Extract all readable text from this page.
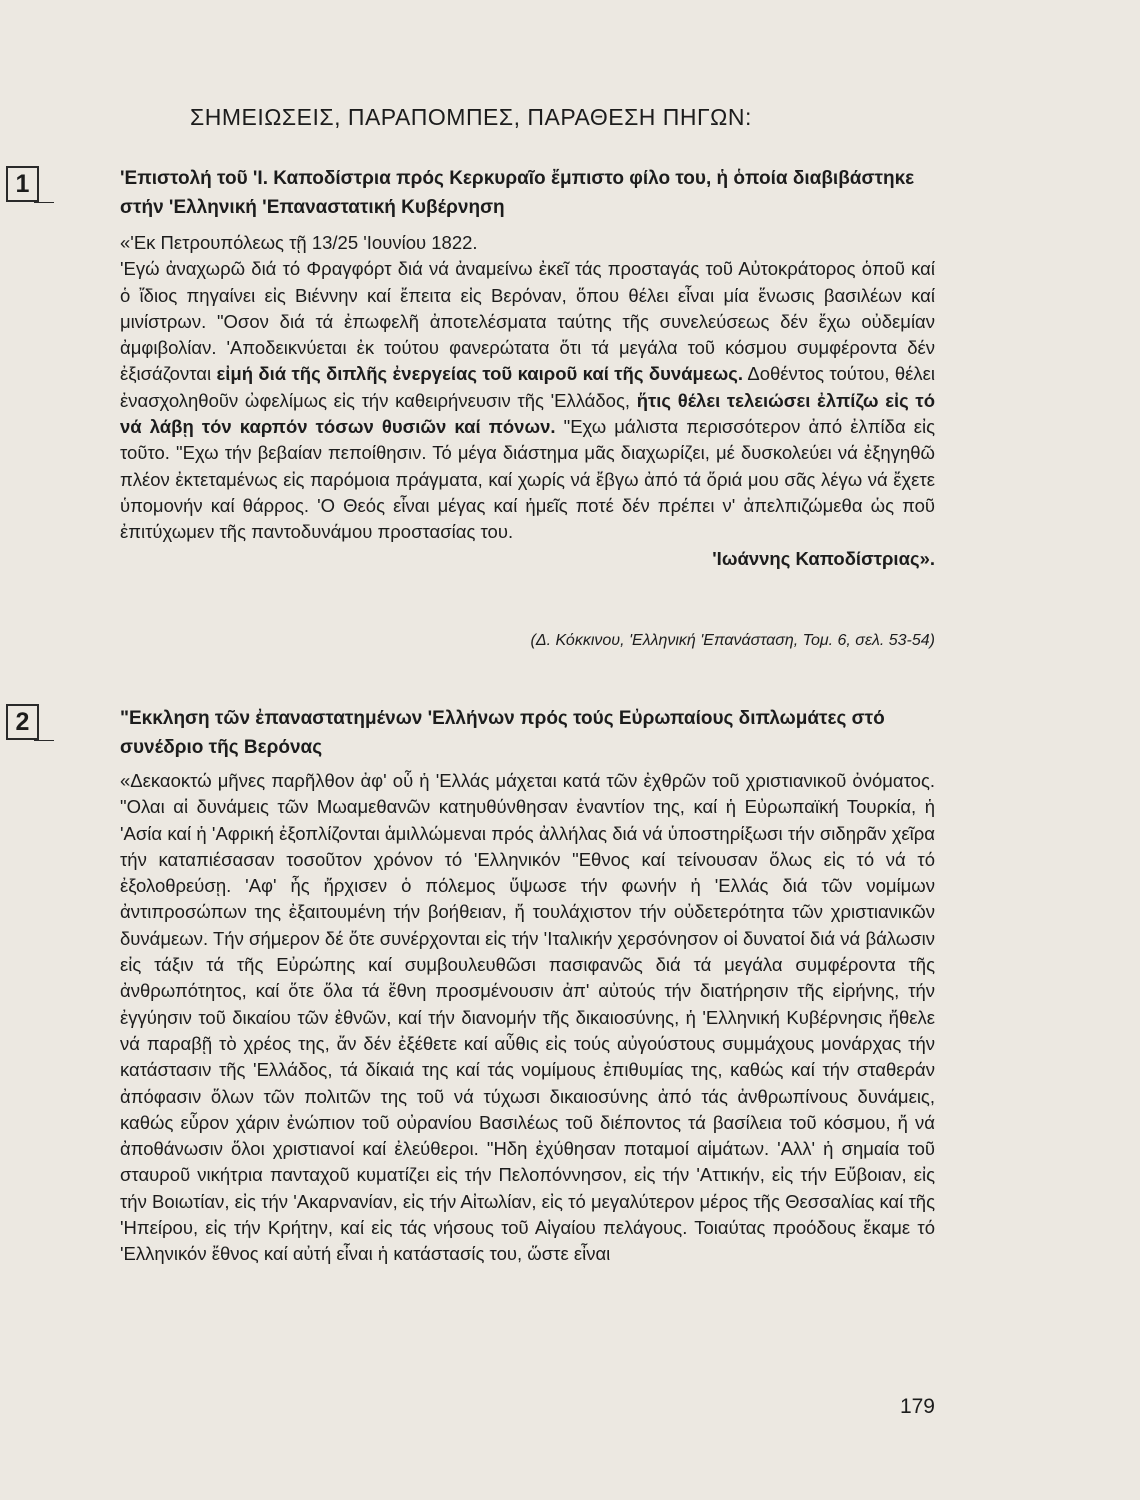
ΣΗΜΕΙΩΣΕΙΣ, ΠΑΡΑΠΟΜΠΕΣ, ΠΑΡΑΘΕΣΗ ΠΗΓΩΝ:
1	'Επιστολή τοῦ 'Ι. Καποδίστρια πρός Κερκυραῖο ἔμπιστο φίλο του, ἡ ὁποία διαβιβάστηκε στήν 'Ελληνική 'Επαναστατική Κυβέρνηση

«'Εκ Πετρουπόλεως τῇ 13/25 'Ιουνίου 1822.

'Εγώ ἀναχωρῶ διά τό Φραγφόρτ διά νά ἀναμείνω ἐκεῖ τάς προσταγάς τοῦ Αὐτοκράτορος ὁποῦ καί ὁ ἴδιος πηγαίνει εἰς Βιέννην καί ἔπειτα εἰς Βερόναν, ὅπου θέλει εἶναι μία ἕνωσις βασιλέων καί μινίστρων. "Οσον διά τά ἐπωφελῆ ἀποτελέσματα ταύτης τῆς συνελεύσεως δέν ἔχω οὐδεμίαν ἀμφιβολίαν. 'Αποδεικνύεται ἐκ τούτου φανερώτατα ὅτι τά μεγάλα τοῦ κόσμου συμφέροντα δέν ἐξισάζονται εἰμή διά τῆς διπλῆς ἐνεργείας τοῦ καιροῦ καί τῆς δυνάμεως. Δοθέντος τούτου, θέλει ἐνασχοληθοῦν ὠφελίμως εἰς τήν καθειρήνευσιν τῆς 'Ελλάδος, ἥτις θέλει τελειώσει ἐλπίζω εἰς τό νά λάβῃ τόν καρπόν τόσων θυσιῶν καί πόνων. "Εχω μάλιστα περισσότερον ἀπό ἐλπίδα εἰς τοῦτο. "Εχω τήν βεβαίαν πεποίθησιν. Τό μέγα διάστημα μᾶς διαχωρίζει, μέ δυσκολεύει νά ἐξηγηθῶ πλέον ἐκτεταμένως εἰς παρόμοια πράγματα, καί χωρίς νά ἔβγω ἀπό τά ὅριά μου σᾶς λέγω νά ἔχετε ὑπομονήν καί θάρρος. 'Ο Θεός εἶναι μέγας καί ἡμεῖς ποτέ δέν πρέπει ν' ἀπελπιζώμεθα ὡς ποῦ ἐπιτύχωμεν τῆς παντοδυνάμου προστασίας του.

'Ιωάννης Καποδίστριας».

(Δ. Κόκκινου, 'Ελληνική 'Επανάσταση, Τομ. 6, σελ. 53-54)

2	"Εκκληση τῶν ἐπαναστατημένων 'Ελλήνων πρός τούς Εὐρωπαίους διπλωμάτες στό συνέδριο τῆς Βερόνας

«Δεκαοκτώ μῆνες παρῆλθον ἀφ' οὗ ἡ 'Ελλάς μάχεται κατά τῶν ἐχθρῶν τοῦ χριστιανικοῦ ὀνόματος. "Ολαι αἱ δυνάμεις τῶν Μωαμεθανῶν κατηυθύνθησαν ἐναντίον της, καί ἡ Εὐρωπαϊκή Τουρκία, ἡ 'Ασία καί ἡ 'Αφρική ἐξοπλίζονται ἁμιλλώμεναι πρός ἀλλήλας διά νά ὑποστηρίξωσι τήν σιδηρᾶν χεῖρα τήν καταπιέσασαν τοσοῦτον χρόνον τό 'Ελληνικόν "Εθνος καί τείνουσαν ὅλως εἰς τό νά τό ἐξολοθρεύσῃ. 'Αφ' ἧς ἤρχισεν ὁ πόλεμος ὕψωσε τήν φωνήν ἡ 'Ελλάς διά τῶν νομίμων ἀντιπροσώπων της ἐξαιτουμένη τήν βοήθειαν, ἤ τουλάχιστον τήν οὐδετερότητα τῶν χριστιανικῶν δυνάμεων. Τήν σήμερον δέ ὅτε συνέρχονται εἰς τήν 'Ιταλικήν χερσόνησον οἱ δυνατοί διά νά βάλωσιν εἰς τάξιν τά τῆς Εὐρώπης καί συμβουλευθῶσι πασιφανῶς διά τά μεγάλα συμφέροντα τῆς ἀνθρωπότητος, καί ὅτε ὅλα τά ἔθνη προσμένουσιν ἀπ' αὐτούς τήν διατήρησιν τῆς εἰρήνης, τήν ἐγγύησιν τοῦ δικαίου τῶν ἐθνῶν, καί τήν διανομήν τῆς δικαιοσύνης, ἡ 'Ελληνική Κυβέρνησις ἤθελε νά παραβῇ τὸ χρέος της, ἄν δέν ἐξέθετε καί αὖθις εἰς τούς αὐγούστους συμμάχους μονάρχας τήν κατάστασιν τῆς 'Ελλάδος, τά δίκαιά της καί τάς νομίμους ἐπιθυμίας της, καθώς καί τήν σταθεράν ἀπόφασιν ὅλων τῶν πολιτῶν της τοῦ νά τύχωσι δικαιοσύνης ἀπό τάς ἀνθρωπίνους δυνάμεις, καθώς εὗρον χάριν ἐνώπιον τοῦ οὐρανίου Βασιλέως τοῦ διέποντος τά βασίλεια τοῦ κόσμου, ἤ νά ἀποθάνωσιν ὅλοι χριστιανοί καί ἐλεύθεροι. "Ηδη ἐχύθησαν ποταμοί αἱμάτων. 'Αλλ' ἡ σημαία τοῦ σταυροῦ νικήτρια πανταχοῦ κυματίζει εἰς τήν Πελοπόννησον, εἰς τήν 'Αττικήν, εἰς τήν Εὔβοιαν, εἰς τήν Βοιωτίαν, εἰς τήν 'Ακαρνανίαν, εἰς τήν Αἰτωλίαν, εἰς τό μεγαλύτερον μέρος τῆς Θεσσαλίας καί τῆς 'Ηπείρου, εἰς τήν Κρήτην, καί εἰς τάς νήσους τοῦ Αἰγαίου πελάγους. Τοιαύτας προόδους ἔκαμε τό 'Ελληνικόν ἔθνος καί αὐτή εἶναι ἡ κατάστασίς του, ὥστε εἶναι

179
